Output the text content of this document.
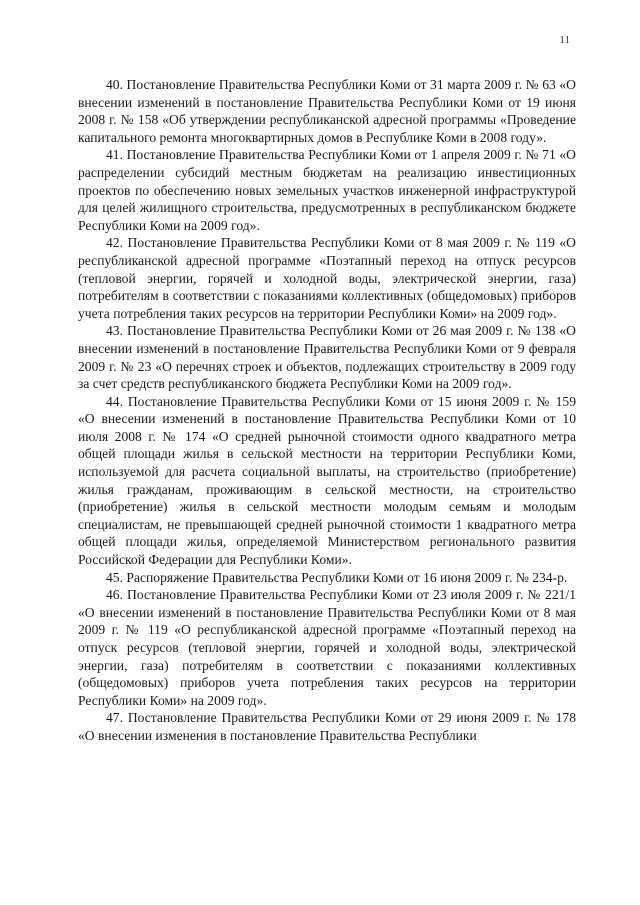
11

40. Постановление Правительства Республики Коми от 31 марта 2009 г. № 63 «О внесении изменений в постановление Правительства Республики Коми от 19 июня 2008 г. № 158 «Об утверждении республиканской адресной программы «Проведение капитального ремонта многоквартирных домов в Республике Коми в 2008 году».

41. Постановление Правительства Республики Коми от 1 апреля 2009 г. № 71 «О распределении субсидий местным бюджетам на реализацию инвестиционных проектов по обеспечению новых земельных участков инженерной инфраструктурой для целей жилищного строительства, предусмотренных в республиканском бюджете Республики Коми на 2009 год».

42. Постановление Правительства Республики Коми от 8 мая 2009 г. № 119 «О республиканской адресной программе «Поэтапный переход на отпуск ресурсов (тепловой энергии, горячей и холодной воды, электрической энергии, газа) потребителям в соответствии с показаниями коллективных (общедомовых) приборов учета потребления таких ресурсов на территории Республики Коми» на 2009 год».

43. Постановление Правительства Республики Коми от 26 мая 2009 г. № 138 «О внесении изменений в постановление Правительства Республики Коми от 9 февраля 2009 г. № 23 «О перечнях строек и объектов, подлежащих строительству в 2009 году за счет средств республиканского бюджета Республики Коми на 2009 год».

44. Постановление Правительства Республики Коми от 15 июня 2009 г. № 159 «О внесении изменений в постановление Правительства Республики Коми от 10 июля 2008 г. № 174 «О средней рыночной стоимости одного квадратного метра общей площади жилья в сельской местности на территории Республики Коми, используемой для расчета социальной выплаты, на строительство (приобретение) жилья гражданам, проживающим в сельской местности, на строительство (приобретение) жилья в сельской местности молодым семьям и молодым специалистам, не превышающей средней рыночной стоимости 1 квадратного метра общей площади жилья, определяемой Министерством регионального развития Российской Федерации для Республики Коми».

45. Распоряжение Правительства Республики Коми от 16 июня 2009 г. № 234-р.

46. Постановление Правительства Республики Коми от 23 июля 2009 г. № 221/1 «О внесении изменений в постановление Правительства Республики Коми от 8 мая 2009 г. № 119 «О республиканской адресной программе «Поэтапный переход на отпуск ресурсов (тепловой энергии, горячей и холодной воды, электрической энергии, газа) потребителям в соответствии с показаниями коллективных (общедомовых) приборов учета потребления таких ресурсов на территории Республики Коми» на 2009 год».

47. Постановление Правительства Республики Коми от 29 июня 2009 г. № 178 «О внесении изменения в постановление Правительства Республики
